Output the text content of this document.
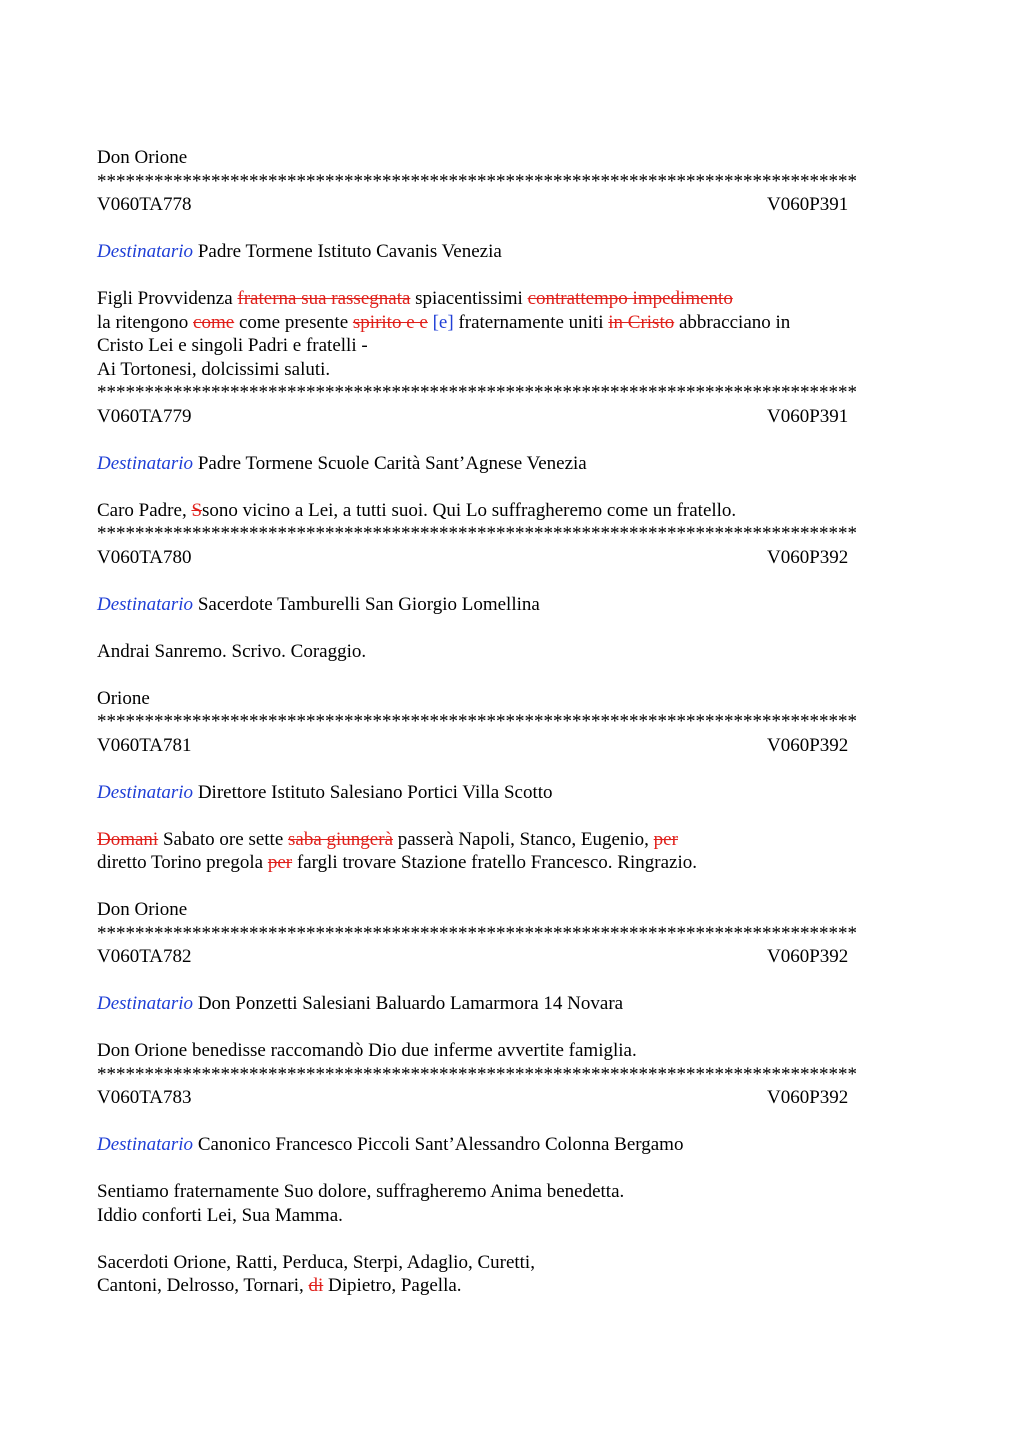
Don Orione
********************************************************************************
V060TA778	V060P391
Destinatario Padre Tormene Istituto Cavanis Venezia
Figli Provvidenza fraterna sua rassegnata spiacentissimi contrattempo impedimento
la ritengono come come presente spirito e e [e] fraternamente uniti in Cristo abbracciano in
Cristo Lei e singoli Padri e fratelli -
Ai Tortonesi, dolcissimi saluti.
********************************************************************************
V060TA779	V060P391
Destinatario Padre Tormene Scuole Carità Sant’Agnese Venezia
Caro Padre, Ssono vicino a Lei, a tutti suoi. Qui Lo suffragheremo come un fratello.
********************************************************************************
V060TA780	V060P392
Destinatario Sacerdote Tamburelli San Giorgio Lomellina
Andrai Sanremo. Scrivo. Coraggio.
Orione
********************************************************************************
V060TA781	V060P392
Destinatario Direttore Istituto Salesiano Portici Villa Scotto
Domani Sabato ore sette saba giungerà passerà Napoli, Stanco, Eugenio, per
diretto Torino pregola per fargli trovare Stazione fratello Francesco. Ringrazio.
Don Orione
********************************************************************************
V060TA782	V060P392
Destinatario Don Ponzetti Salesiani Baluardo Lamarmora 14 Novara
Don Orione benedisse raccomandò Dio due inferme avvertite famiglia.
********************************************************************************
V060TA783	V060P392
Destinatario Canonico Francesco Piccoli Sant’Alessandro Colonna Bergamo
Sentiamo fraternamente Suo dolore, suffragheremo Anima benedetta.
Iddio conforti Lei, Sua Mamma.
Sacerdoti Orione, Ratti, Perduca, Sterpi, Adaglio, Curetti,
Cantoni, Delrosso, Tornari, di Dipietro, Pagella.
